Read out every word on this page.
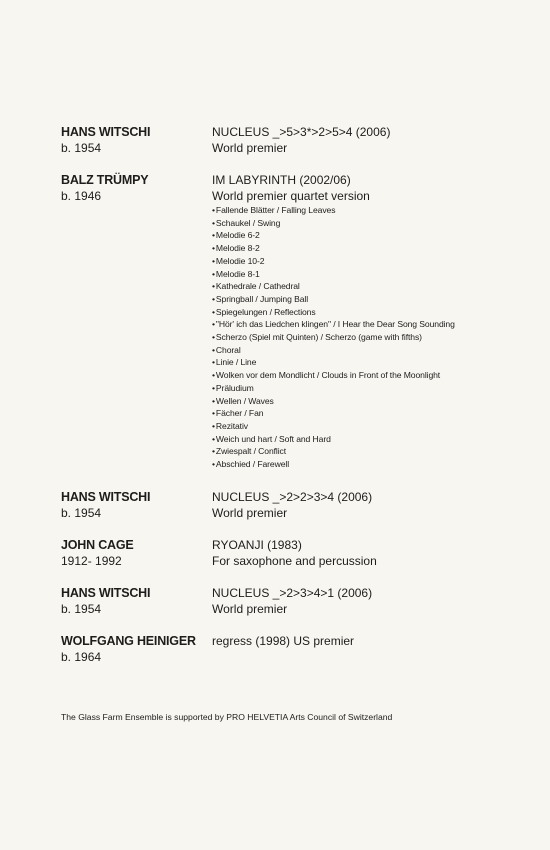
HANS WITSCHI
b. 1954
NUCLEUS _>5>3*>2>5>4 (2006)
World premier
BALZ TRÜMPY
b. 1946
IM LABYRINTH (2002/06)
World premier quartet version
• Fallende Blätter / Falling Leaves
• Schaukel / Swing
• Melodie 6-2
• Melodie 8-2
• Melodie 10-2
• Melodie 8-1
• Kathedrale / Cathedral
• Springball / Jumping Ball
• Spiegelungen / Reflections
• "Hör' ich das Liedchen klingen" / I Hear the Dear Song Sounding
• Scherzo (Spiel mit Quinten) / Scherzo (game with fifths)
• Choral
• Linie / Line
• Wolken vor dem Mondlicht / Clouds in Front of the Moonlight
• Präludium
• Wellen / Waves
• Fächer / Fan
• Rezitativ
• Weich und hart / Soft and Hard
• Zwiespalt / Conflict
• Abschied / Farewell
HANS WITSCHI
b. 1954
NUCLEUS _>2>2>3>4 (2006)
World premier
JOHN CAGE
1912- 1992
RYOANJI (1983)
For saxophone and percussion
HANS WITSCHI
b. 1954
NUCLEUS _>2>3>4>1 (2006)
World premier
WOLFGANG HEINIGER
b. 1964
regress (1998) US premier
The Glass Farm Ensemble is supported by PRO HELVETIA Arts Council of Switzerland
